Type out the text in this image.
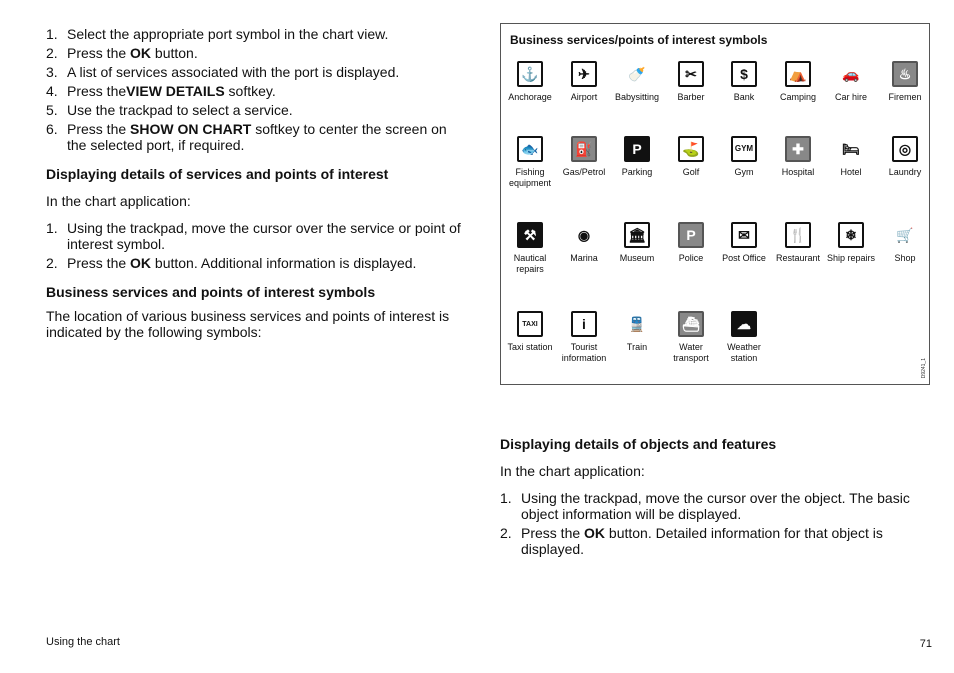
1. Select the appropriate port symbol in the chart view.
2. Press the OK button.
3. A list of services associated with the port is displayed.
4. Press theVIEW DETAILS softkey.
5. Use the trackpad to select a service.
6. Press the SHOW ON CHART softkey to center the screen on the selected port, if required.
Displaying details of services and points of interest

In the chart application:

1. Using the trackpad, move the cursor over the service or point of interest symbol.
2. Press the OK button. Additional information is displayed.
Business services and points of interest symbols

The location of various business services and points of interest is indicated by the following symbols:

Business services/points of interest symbols
⚓
Anchorage
✈
Airport
🍼
Babysitting
✂
Barber
$
Bank
⛺
Camping
🚗
Car hire
♨
Firemen
🐟
Fishing equipment
⛽
Gas/Petrol
P
Parking
⛳
Golf
GYM
Gym
✚
Hospital
🛏
Hotel
◎
Laundry
⚒
Nautical repairs
◉
Marina
🏛
Museum
P
Police
✉
Post Office
🍴
Restaurant
❄
Ship repairs
🛒
Shop
TAXI
Taxi station
i
Tourist information
🚆
Train
⛴
Water transport
☁
Weather station	D9241_1
Displaying details of objects and features

In the chart application:

1. Using the trackpad, move the cursor over the object. The basic object information will be displayed.
2. Press the OK button. Detailed information for that object is displayed.
Using the chart	71
